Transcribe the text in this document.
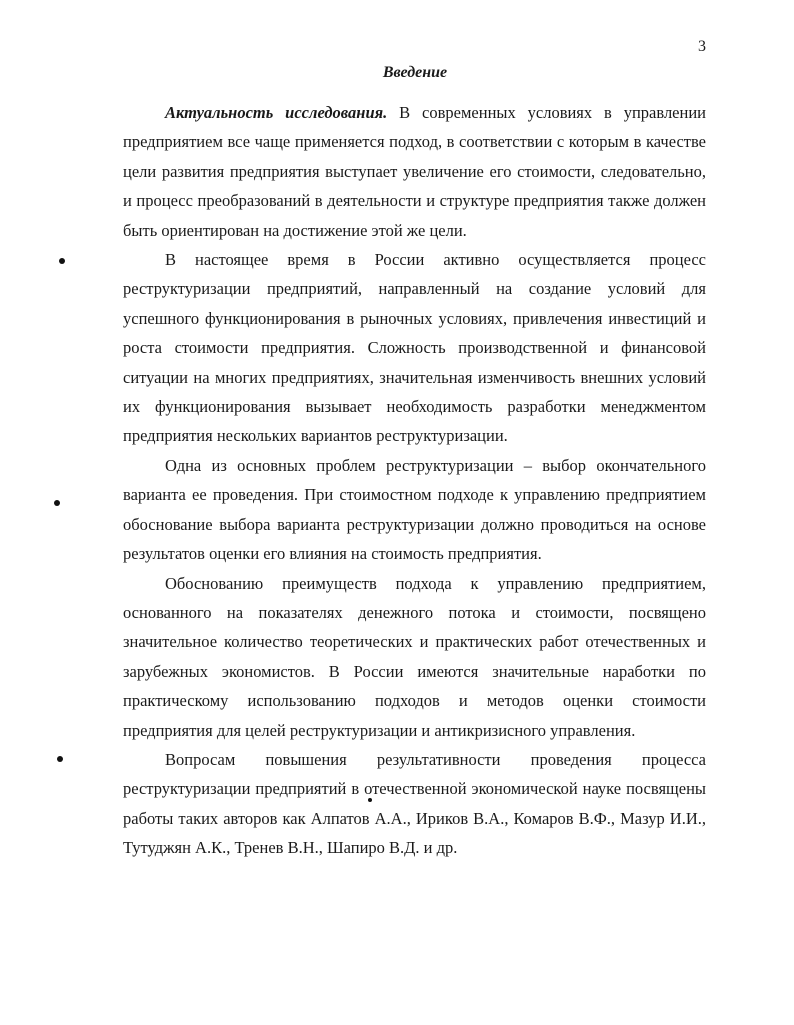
3
Введение

Актуальность исследования. В современных условиях в управлении предприятием все чаще применяется подход, в соответствии с которым в качестве цели развития предприятия выступает увеличение его стоимости, следовательно, и процесс преобразований в деятельности и структуре предприятия также должен быть ориентирован на достижение этой же цели.

В настоящее время в России активно осуществляется процесс реструктуризации предприятий, направленный на создание условий для успешного функционирования в рыночных условиях, привлечения инвестиций и роста стоимости предприятия. Сложность производственной и финансовой ситуации на многих предприятиях, значительная изменчивость внешних условий их функционирования вызывает необходимость разработки менеджментом предприятия нескольких вариантов реструктуризации.

Одна из основных проблем реструктуризации – выбор окончательного варианта ее проведения. При стоимостном подходе к управлению предприятием обоснование выбора варианта реструктуризации должно проводиться на основе результатов оценки его влияния на стоимость предприятия.

Обоснованию преимуществ подхода к управлению предприятием, основанного на показателях денежного потока и стоимости, посвящено значительное количество теоретических и практических работ отечественных и зарубежных экономистов. В России имеются значительные наработки по практическому использованию подходов и методов оценки стоимости предприятия для целей реструктуризации и антикризисного управления.

Вопросам повышения результативности проведения процесса реструктуризации предприятий в отечественной экономической науке посвящены работы таких авторов как Алпатов А.А., Ириков В.А., Комаров В.Ф., Мазур И.И., Тутуджян А.К., Тренев В.Н., Шапиро В.Д. и др.
